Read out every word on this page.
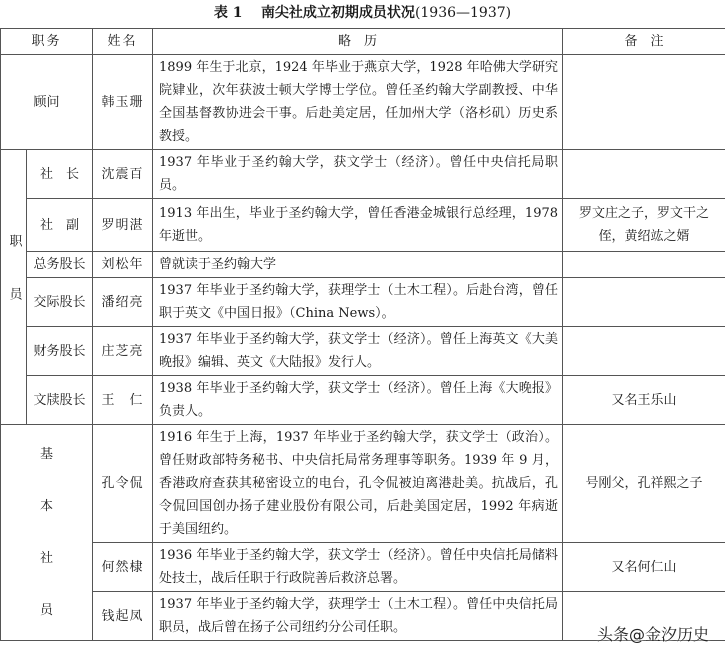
表 1 南尖社成立初期成员状况(1936—1937)
职务		姓名	略　历	备　注
顾问		韩玉珊	1899 年生于北京，1924 年毕业于燕京大学，1928 年哈佛大学研究院肄业，次年获波士顿大学博士学位。曾任圣约翰大学副教授、中华全国基督教协进会干事。后赴美定居，任加州大学（洛杉矶）历史系教授。	
职员	社　长	沈震百	1937 年毕业于圣约翰大学，获文学士（经济）。曾任中央信托局职员。	
	社　副	罗明湛	1913 年出生，毕业于圣约翰大学，曾任香港金城银行总经理，1978 年逝世。	罗文庄之子，罗文干之侄，黄绍竑之婿
	总务股长	刘松年	曾就读于圣约翰大学	
	交际股长	潘绍亮	1937 年毕业于圣约翰大学，获理学士（土木工程）。后赴台湾，曾任职于英文《中国日报》（China News）。	
	财务股长	庄芝亮	1937 年毕业于圣约翰大学，获文学士（经济）。曾任上海英文《大美晚报》编辑、英文《大陆报》发行人。	
	文牍股长	王　仁	1938 年毕业于圣约翰大学，获文学士（经济）。曾任上海《大晚报》负责人。	又名王乐山
基本社员		孔令侃	1916 年生于上海，1937 年毕业于圣约翰大学，获文学士（政治）。曾任财政部特务秘书、中央信托局常务理事等职务。1939 年 9 月，香港政府查获其秘密设立的电台，孔令侃被迫离港赴美。抗战后，孔令侃回国创办扬子建业股份有限公司，后赴美国定居，1992 年病逝于美国纽约。	号刚父，孔祥熙之子
		何然棣	1936 年毕业于圣约翰大学，获文学士（经济）。曾任中央信托局储料处技士，战后任职于行政院善后救济总署。	又名何仁山
		钱起凤	1937 年毕业于圣约翰大学，获理学士（土木工程）。曾任中央信托局职员，战后曾在扬子公司纽约分公司任职。		头条@金汐历史
